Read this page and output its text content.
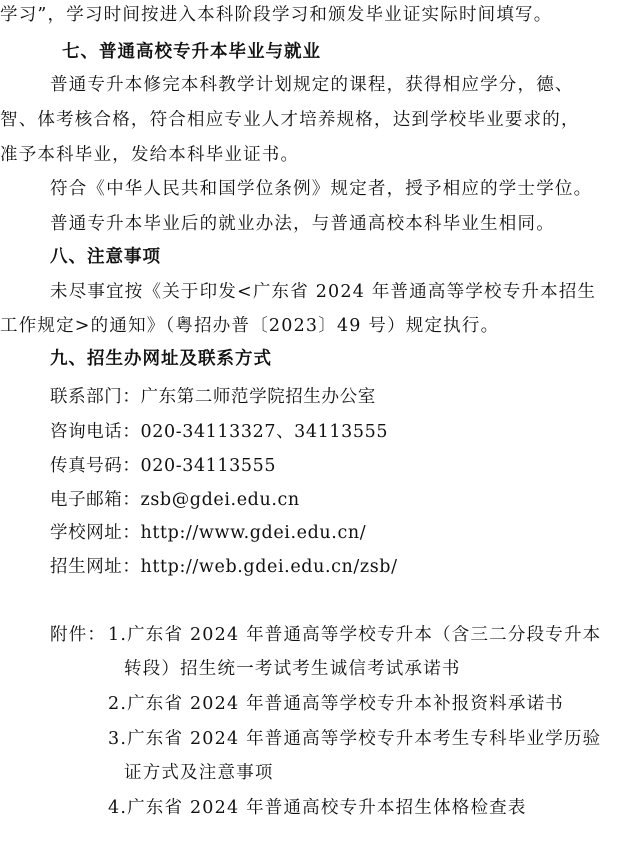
学习”，学习时间按进入本科阶段学习和颁发毕业证实际时间填写。
七、普通高校专升本毕业与就业
普通专升本修完本科教学计划规定的课程，获得相应学分，德、
智、体考核合格，符合相应专业人才培养规格，达到学校毕业要求的，
准予本科毕业，发给本科毕业证书。
符合《中华人民共和国学位条例》规定者，授予相应的学士学位。
普通专升本毕业后的就业办法，与普通高校本科毕业生相同。
八、注意事项
未尽事宜按《关于印发<广东省 2024 年普通高等学校专升本招生
工作规定>的通知》（粤招办普〔2023〕49 号）规定执行。
九、招生办网址及联系方式
联系部门：广东第二师范学院招生办公室
咨询电话：020-34113327、34113555
传真号码：020-34113555
电子邮箱：zsb@gdei.edu.cn
学校网址：http://www.gdei.edu.cn/
招生网址：http://web.gdei.edu.cn/zsb/
附件： 1.广东省 2024 年普通高等学校专升本（含三二分段专升本
转段）招生统一考试考生诚信考试承诺书
2.广东省 2024 年普通高等学校专升本补报资料承诺书
3.广东省 2024 年普通高等学校专升本考生专科毕业学历验
证方式及注意事项
4.广东省 2024 年普通高校专升本招生体格检查表
